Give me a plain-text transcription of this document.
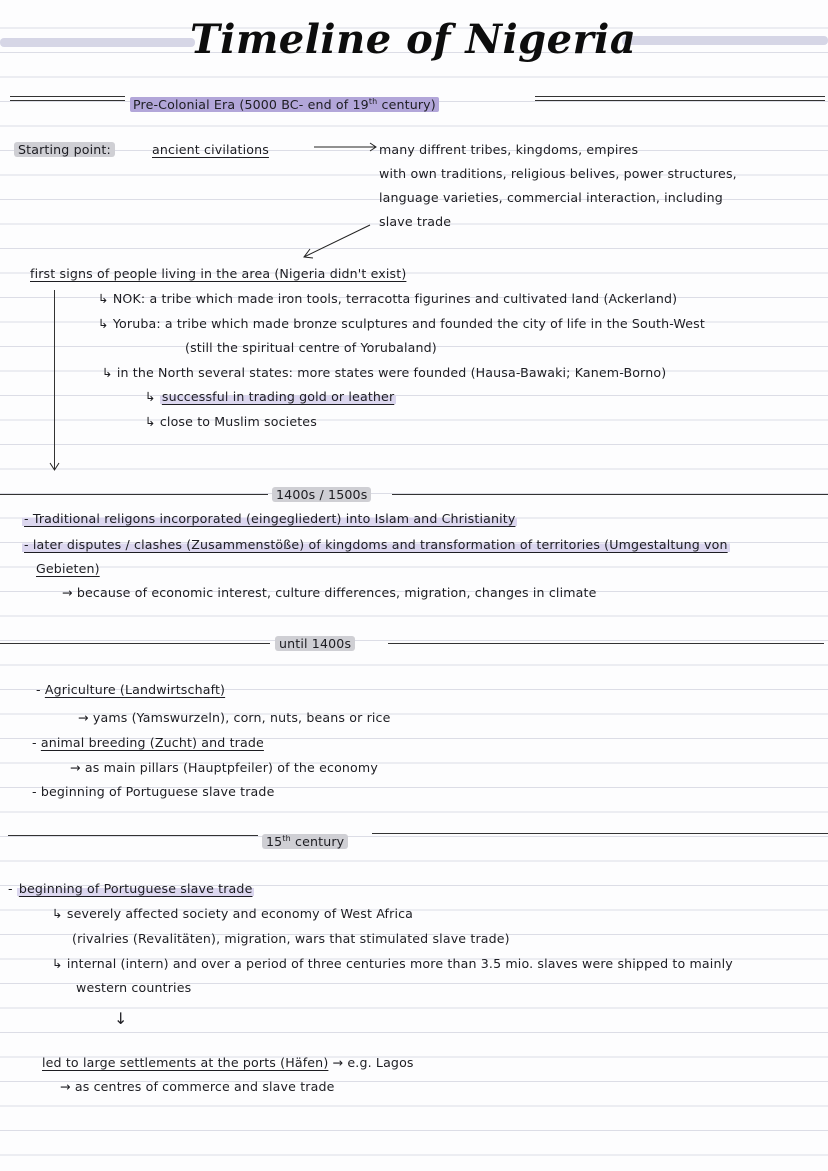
Timeline of Nigeria
Pre-Colonial Era (5000 BC- end of 19th century)
Starting point:	ancient civilations	many diffrent tribes, kingdoms, empires
with own traditions, religious belives, power structures,
language varieties, commercial interaction, including
slave trade
first signs of people living in the area (Nigeria didn't exist)
↳ NOK: a tribe which made iron tools, terracotta figurines and cultivated land (Ackerland)
↳ Yoruba: a tribe which made bronze sculptures and founded the city of life in the South-West
(still the spiritual centre of Yorubaland)
↳ in the North several states: more states were founded (Hausa-Bawaki; Kanem-Borno)
↳ successful in trading gold or leather
↳ close to Muslim societes
1400s / 1500s
- Traditional religons incorporated (eingegliedert) into Islam and Christianity
- later disputes / clashes (Zusammenstöße) of kingdoms and transformation of territories (Umgestaltung von
Gebieten)
→ because of economic interest, culture differences, migration, changes in climate
until 1400s
- Agriculture (Landwirtschaft)
→ yams (Yamswurzeln), corn, nuts, beans or rice
- animal breeding (Zucht) and trade
→ as main pillars (Hauptpfeiler) of the economy
- beginning of Portuguese slave trade
15th century
- beginning of Portuguese slave trade
↳ severely affected society and economy of West Africa
(rivalries (Revalitäten), migration, wars that stimulated slave trade)
↳ internal (intern) and over a period of three centuries more than 3.5 mio. slaves were shipped to mainly
western countries
↓
led to large settlements at the ports (Häfen) → e.g. Lagos
→ as centres of commerce and slave trade
